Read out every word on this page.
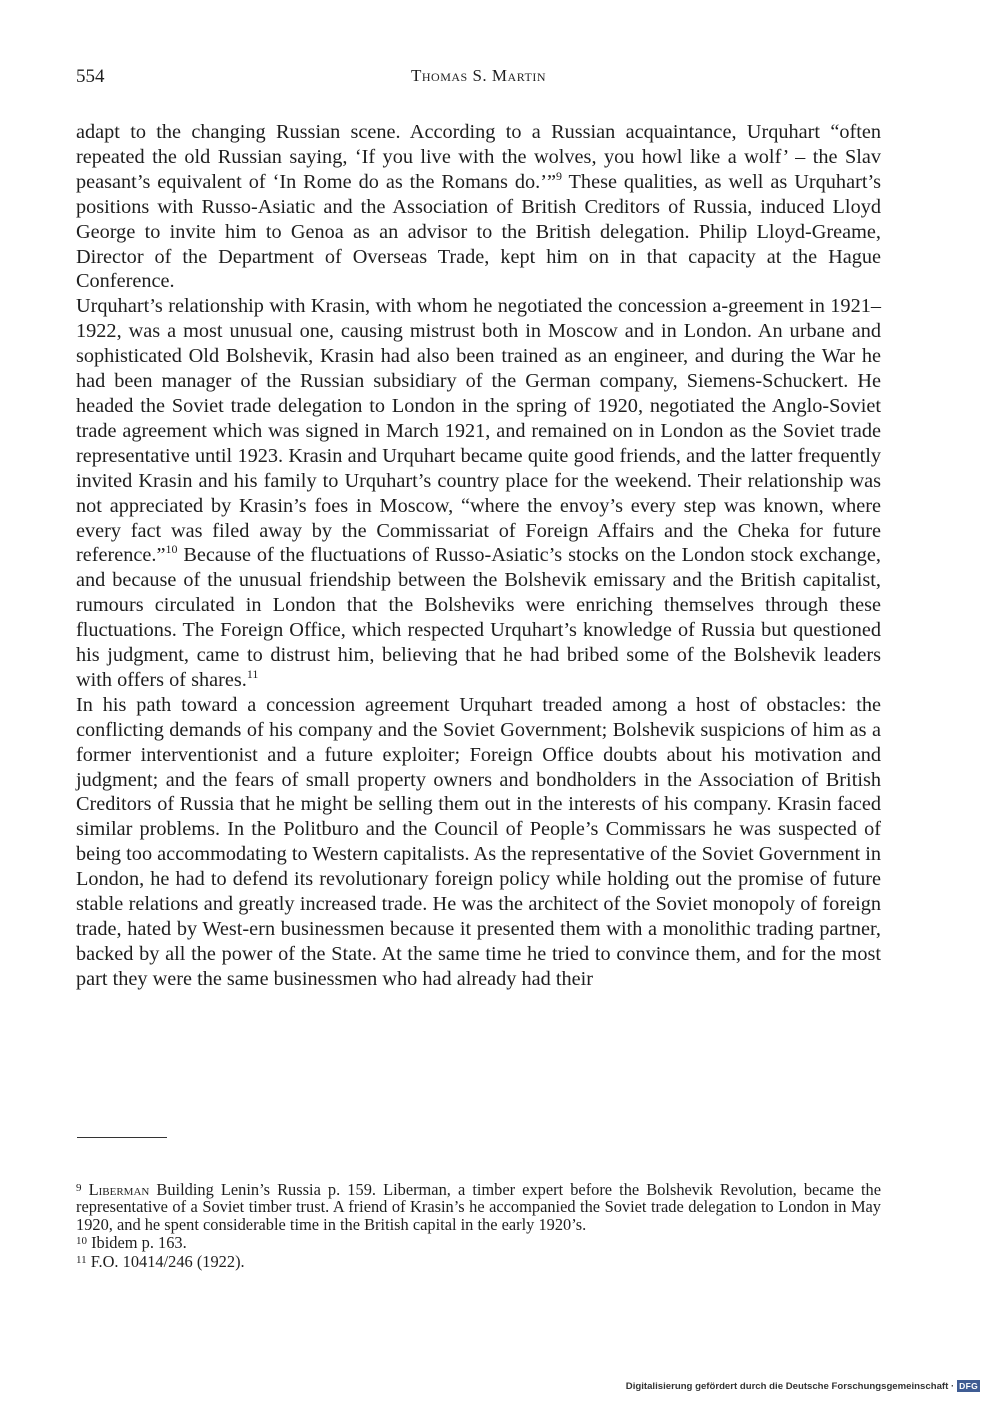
554	Thomas S. Martin

adapt to the changing Russian scene. According to a Russian acquaintance, Urquhart “often repeated the old Russian saying, ‘If you live with the wolves, you howl like a wolf’ – the Slav peasant’s equivalent of ‘In Rome do as the Romans do.’”$^9$ These qualities, as well as Urquhart’s positions with Russo-Asiatic and the Association of British Creditors of Russia, induced Lloyd George to invite him to Genoa as an advisor to the British delegation. Philip Lloyd-Greame, Director of the Department of Overseas Trade, kept him on in that capacity at the Hague Conference.

Urquhart’s relationship with Krasin, with whom he negotiated the concession a-greement in 1921–1922, was a most unusual one, causing mistrust both in Moscow and in London. An urbane and sophisticated Old Bolshevik, Krasin had also been trained as an engineer, and during the War he had been manager of the Russian subsidiary of the German company, Siemens-Schuckert. He headed the Soviet trade delegation to London in the spring of 1920, negotiated the Anglo-Soviet trade agreement which was signed in March 1921, and remained on in London as the Soviet trade representative until 1923. Krasin and Urquhart became quite good friends, and the latter frequently invited Krasin and his family to Urquhart’s country place for the weekend. Their relationship was not appreciated by Krasin’s foes in Moscow, “where the envoy’s every step was known, where every fact was filed away by the Commissariat of Foreign Affairs and the Cheka for future reference.”$^{10}$ Because of the fluctuations of Russo-Asiatic’s stocks on the London stock exchange, and because of the unusual friendship between the Bolshevik emissary and the British capitalist, rumours circulated in London that the Bolsheviks were enriching themselves through these fluctuations. The Foreign Office, which respected Urquhart’s knowledge of Russia but questioned his judgment, came to distrust him, believing that he had bribed some of the Bolshevik leaders with offers of shares.$^{11}$

In his path toward a concession agreement Urquhart treaded among a host of obstacles: the conflicting demands of his company and the Soviet Government; Bolshevik suspicions of him as a former interventionist and a future exploiter; Foreign Office doubts about his motivation and judgment; and the fears of small property owners and bondholders in the Association of British Creditors of Russia that he might be selling them out in the interests of his company. Krasin faced similar problems. In the Politburo and the Council of People’s Commissars he was suspected of being too accommodating to Western capitalists. As the representative of the Soviet Government in London, he had to defend its revolutionary foreign policy while holding out the promise of future stable relations and greatly increased trade. He was the architect of the Soviet monopoly of foreign trade, hated by West-ern businessmen because it presented them with a monolithic trading partner, backed by all the power of the State. At the same time he tried to convince them, and for the most part they were the same businessmen who had already had their

$^9$ Liberman Building Lenin’s Russia p. 159. Liberman, a timber expert before the Bolshevik Revolution, became the representative of a Soviet timber trust. A friend of Krasin’s he accompanied the Soviet trade delegation to London in May 1920, and he spent considerable time in the British capital in the early 1920’s.

$^{10}$ Ibidem p. 163.

$^{11}$ F.O. 10414/246 (1922).

Digitalisierung gefördert durch die Deutsche Forschungsgemeinschaft · DFG
